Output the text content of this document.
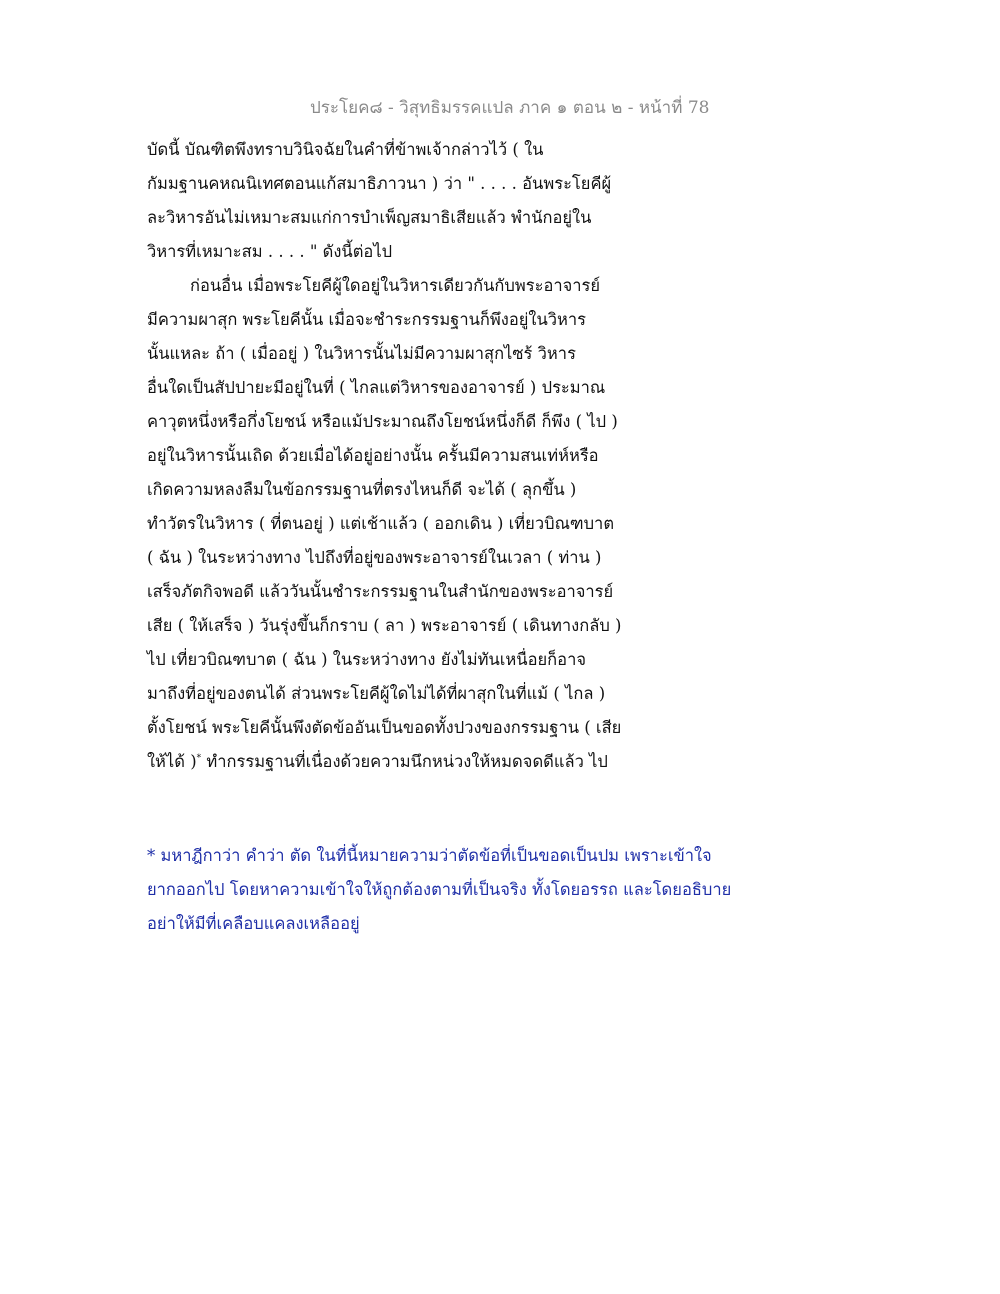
ประโยค๘ - วิสุทธิมรรคแปล ภาค ๑ ตอน ๒ - หน้าที่ 78
บัดนี้ บัณฑิตพึงทราบวินิจฉัยในคำที่ข้าพเจ้ากล่าวไว้ ( ใน
กัมมฐานคหณนิเทศตอนแก้สมาธิภาวนา ) ว่า " . . . . อันพระโยคีผู้
ละวิหารอันไม่เหมาะสมแก่การบำเพ็ญสมาธิเสียแล้ว พำนักอยู่ใน
วิหารที่เหมาะสม . . . . " ดังนี้ต่อไป
ก่อนอื่น เมื่อพระโยคีผู้ใดอยู่ในวิหารเดียวกันกับพระอาจารย์
มีความผาสุก พระโยคีนั้น เมื่อจะชำระกรรมฐานก็พึงอยู่ในวิหาร
นั้นแหละ ถ้า ( เมื่ออยู่ ) ในวิหารนั้นไม่มีความผาสุกไซร้ วิหาร
อื่นใดเป็นสัปปายะมีอยู่ในที่ ( ไกลแต่วิหารของอาจารย์ ) ประมาณ
คาวุตหนึ่งหรือกึ่งโยชน์ หรือแม้ประมาณถึงโยชน์หนึ่งก็ดี ก็พึง ( ไป )
อยู่ในวิหารนั้นเถิด ด้วยเมื่อได้อยู่อย่างนั้น ครั้นมีความสนเท่ห์หรือ
เกิดความหลงลืมในข้อกรรมฐานที่ตรงไหนก็ดี จะได้ ( ลุกขึ้น )
ทำวัตรในวิหาร ( ที่ตนอยู่ ) แต่เช้าแล้ว ( ออกเดิน ) เที่ยวบิณฑบาต
( ฉัน ) ในระหว่างทาง ไปถึงที่อยู่ของพระอาจารย์ในเวลา ( ท่าน )
เสร็จภัตกิจพอดี แล้ววันนั้นชำระกรรมฐานในสำนักของพระอาจารย์
เสีย ( ให้เสร็จ ) วันรุ่งขึ้นก็กราบ ( ลา ) พระอาจารย์ ( เดินทางกลับ )
ไป เที่ยวบิณฑบาต ( ฉัน ) ในระหว่างทาง ยังไม่ทันเหนื่อยก็อาจ
มาถึงที่อยู่ของตนได้ ส่วนพระโยคีผู้ใดไม่ได้ที่ผาสุกในที่แม้ ( ไกล )
ตั้งโยชน์ พระโยคีนั้นพึงตัดข้ออันเป็นขอดทั้งปวงของกรรมฐาน ( เสีย
ให้ได้ )* ทำกรรมฐานที่เนื่องด้วยความนึกหน่วงให้หมดจดดีแล้ว ไป
* มหาฎีกาว่า คำว่า ตัด ในที่นี้หมายความว่าตัดข้อที่เป็นขอดเป็นปม เพราะเข้าใจ
ยากออกไป โดยหาความเข้าใจให้ถูกต้องตามที่เป็นจริง ทั้งโดยอรรถ และโดยอธิบาย
อย่าให้มีที่เคลือบแคลงเหลืออยู่
